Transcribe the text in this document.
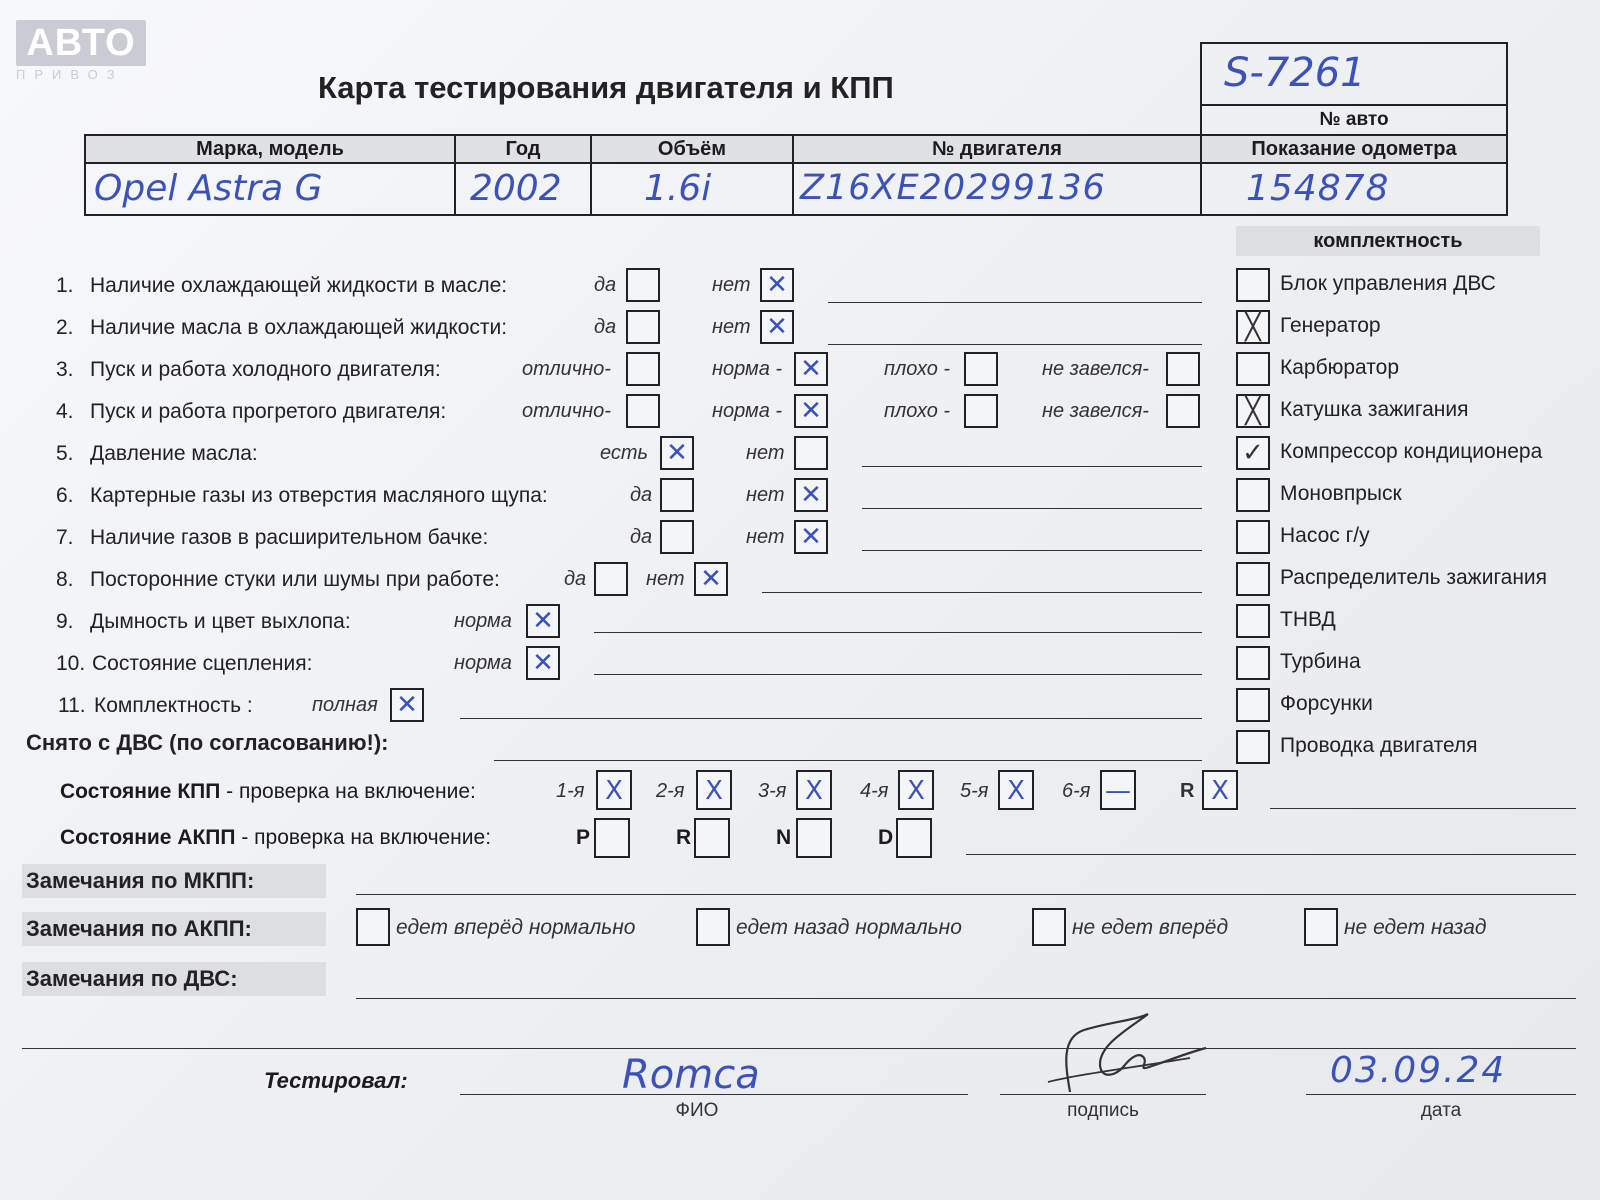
АВТО
ПРИВОЗ	Карта тестирования двигателя и КПП	S-7261
№ авто
Марка, модель	Год	Объём	№ двигателя	Показание одометра
Opel Astra G	2002 1.6i	Z16XE20299136	154878
комплектность
Блок управления ДВС
╳ Генератор
Карбюратор
╳ Катушка зажигания
✓ Компрессор кондиционера
Моновпрыск
Насос г/у
Распределитель зажигания
ТНВД
Турбина
Форсунки
Проводка двигателя
1. Наличие охлаждающей жидкости в масле:	да	нет ✕
2. Наличие масла в охлаждающей жидкости:	да	нет ✕
3. Пуск и работа холодного двигателя:	отлично-	норма - ✕	плохо -	не завелся-
4. Пуск и работа прогретого двигателя:	отлично-	норма - ✕	плохо -	не завелся-
5. Давление масла:	есть ✕	нет
6. Картерные газы из отверстия масляного щупа:	да	нет ✕
7. Наличие газов в расширительном бачке:	да	нет ✕
8. Посторонние стуки или шумы при работе:	да	нет ✕
9. Дымность и цвет выхлопа:	норма ✕
10. Состояние сцепления:	норма ✕
11. Комплектность :	полная ✕
Снято с ДВС (по согласованию!):
Состояние КПП - проверка на включение:	1-я X	2-я X	3-я X	4-я X	5-я X	6-я — R X
Состояние АКПП - проверка на включение:	P	R	N	D
Замечания по МКПП:
Замечания по АКПП:	едет вперёд нормально	едет назад нормально	не едет вперёд	не едет назад
Замечания по ДВС:
Тестировал:	Romca
ФИО	подпись
03.09.24
дата
